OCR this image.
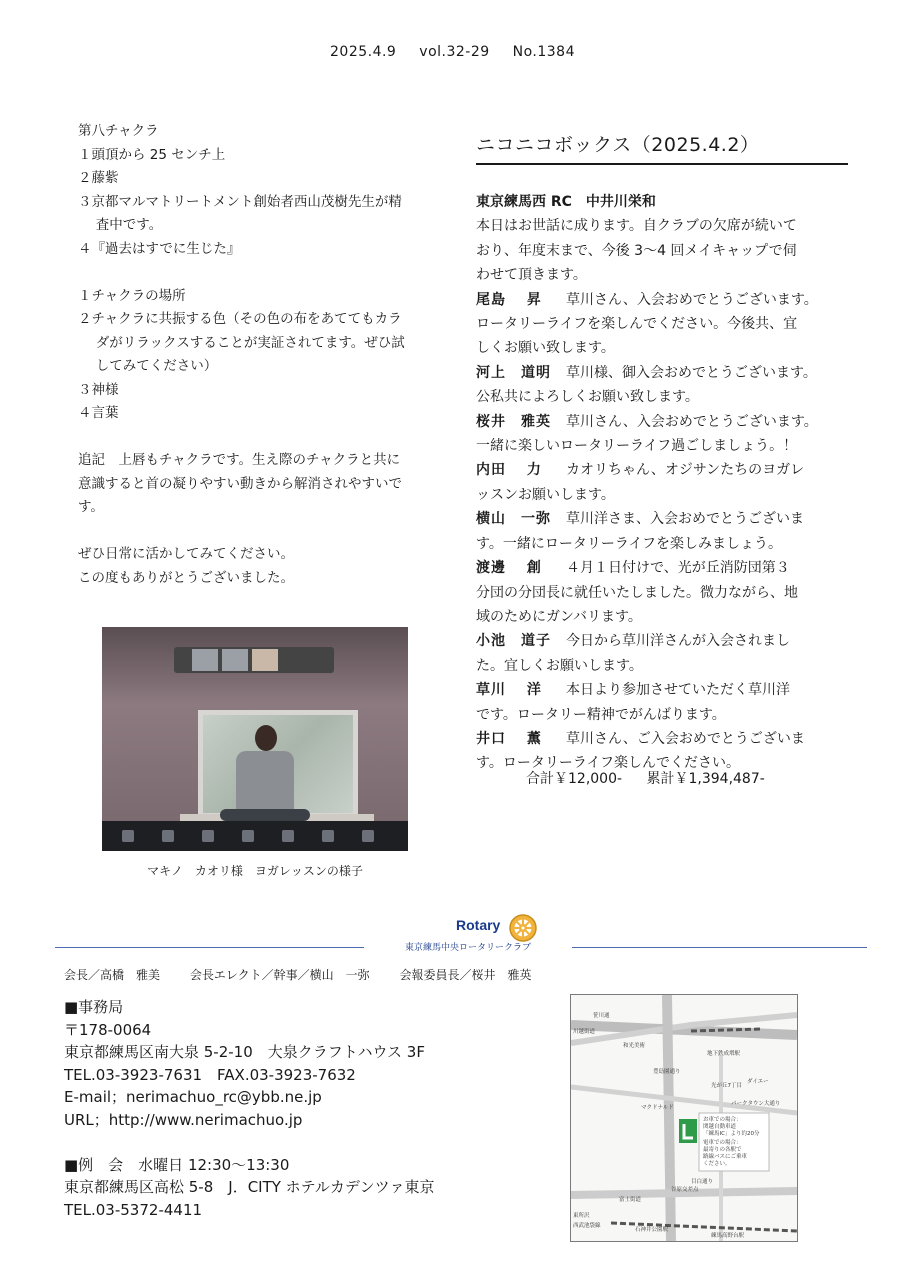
2025.4.9 vol.32-29 No.1384
第八チャクラ
１頭頂から 25 センチ上
２藤紫
３京都マルマトリートメント創始者西山茂樹先生が精
　 査中です。
４『過去はすでに生じた』
１チャクラの場所
２チャクラに共振する色（その色の布をあててもカラ
　 ダがリラックスすることが実証されてます。ぜひ試
　 してみてください）
３神様
４言葉
追記　上唇もチャクラです。生え際のチャクラと共に
意識すると首の凝りやすい動きから解消されやすいで
す。
ぜひ日常に活かしてみてください。
この度もありがとうございました。
マキノ　カオリ様　ヨガレッスンの様子
ニコニコボックス（2025.4.2）
東京練馬西 RC　中井川栄和
本日はお世話に成ります。自クラブの欠席が続いて
おり、年度末まで、今後 3～4 回メイキャップで伺
わせて頂きます。
尾島　 昇 草川さん、入会おめでとうございます。
ロータリーライフを楽しんでください。今後共、宜
しくお願い致します。
河上　道明 草川様、御入会おめでとうございます。
公私共によろしくお願い致します。
桜井　雅英 草川さん、入会おめでとうございます。
一緒に楽しいロータリーライフ過ごしましょう。！
内田　 力 カオリちゃん、オジサンたちのヨガレ
ッスンお願いします。
横山　一弥 草川洋さま、入会おめでとうございま
す。一緒にロータリーライフを楽しみましょう。
渡邊　 創 ４月１日付けで、光が丘消防団第３
分団の分団長に就任いたしました。微力ながら、地
域のためにガンバリます。
小池　道子 今日から草川洋さんが入会されまし
た。宜しくお願いします。
草川　 洋 本日より参加させていただく草川洋
です。ロータリー精神でがんばります。
井口　 薫 草川さん、ご入会おめでとうございま
す。ロータリーライフ楽しんでください。
合計￥12,000- 累計￥1,394,487-
東京練馬中央ロータリークラブ
Rotary
会長／高橋　雅美 会長エレクト／幹事／横山　一弥 会報委員長／桜井　雅英
■事務局
〒178-0064
東京都練馬区南大泉 5-2-10　大泉クラフトハウス 3F
TEL.03-3923-7631　FAX.03-3923-7632
E-mail；nerimachuo_rc@ybb.ne.jp
URL；http://www.nerimachuo.jp
■例　会　水曜日 12:30～13:30
東京都練馬区高松 5-8　J．CITY ホテルカデンツァ東京
TEL.03-5372-4411
笹川通
川越街道
和光美術
豊島園通り
地下鉄成増駅
ダイエー
光が丘7丁目
パークタウン大通り
マクドナルド
お車での場合：
関越自動車道
「練馬IC」より約20分
電車での場合：
最寄りの各駅で
路線バスにご乗車
ください。
谷原交差点
富士街道
目白通り
東所沢
西武池袋線
石神井公園駅
練馬高野台駅
